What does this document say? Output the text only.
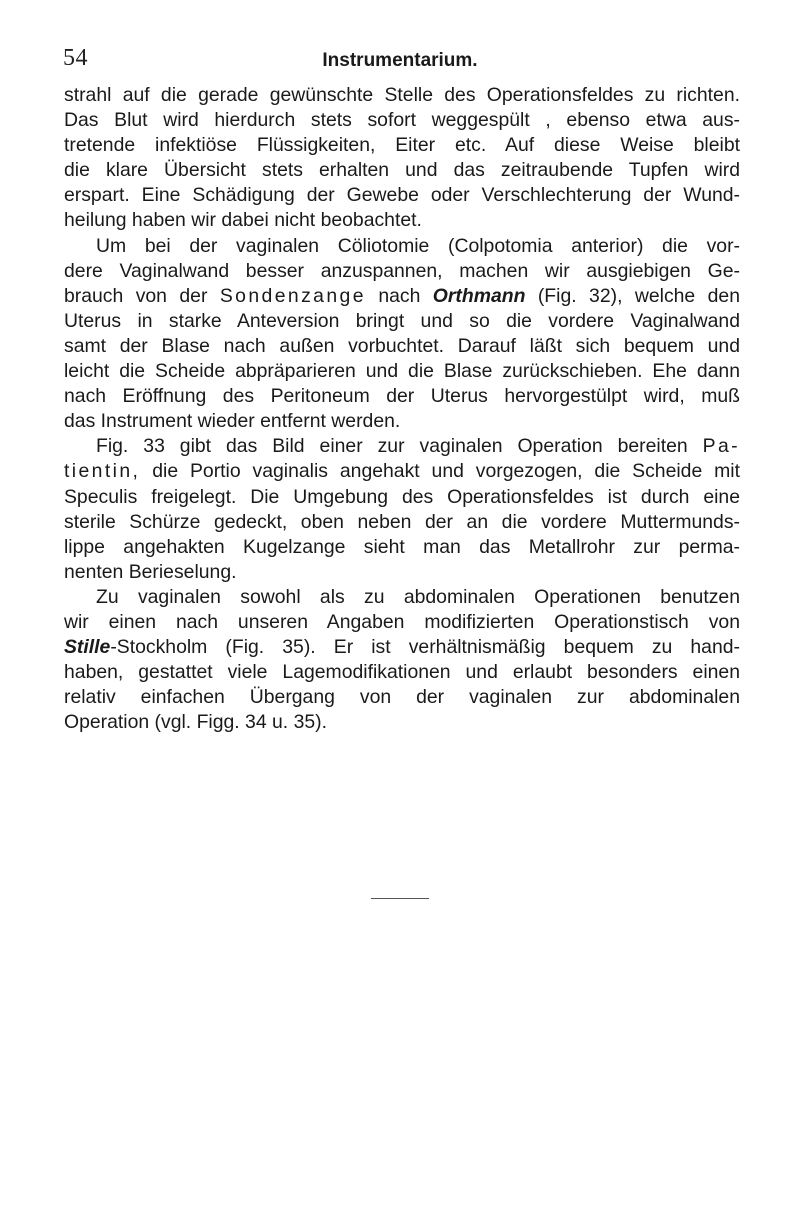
54	Instrumentarium.
strahl auf die gerade gewünschte Stelle des Operationsfeldes zu richten.
Das Blut wird hierdurch stets sofort weggespült , ebenso etwa aus-
tretende infektiöse Flüssigkeiten, Eiter etc. Auf diese Weise bleibt
die klare Übersicht stets erhalten und das zeitraubende Tupfen wird
erspart. Eine Schädigung der Gewebe oder Verschlechterung der Wund-
heilung haben wir dabei nicht beobachtet.
Um bei der vaginalen Cöliotomie (Colpotomia anterior) die vor-
dere Vaginalwand besser anzuspannen, machen wir ausgiebigen Ge-
brauch von der Sondenzange nach Orthmann (Fig. 32), welche den
Uterus in starke Anteversion bringt und so die vordere Vaginalwand
samt der Blase nach außen vorbuchtet. Darauf läßt sich bequem und
leicht die Scheide abpräparieren und die Blase zurückschieben. Ehe dann
nach Eröffnung des Peritoneum der Uterus hervorgestülpt wird, muß
das Instrument wieder entfernt werden.
Fig. 33 gibt das Bild einer zur vaginalen Operation bereiten Pa-
tientin, die Portio vaginalis angehakt und vorgezogen, die Scheide mit
Speculis freigelegt. Die Umgebung des Operationsfeldes ist durch eine
sterile Schürze gedeckt, oben neben der an die vordere Muttermunds-
lippe angehakten Kugelzange sieht man das Metallrohr zur perma-
nenten Berieselung.
Zu vaginalen sowohl als zu abdominalen Operationen benutzen
wir einen nach unseren Angaben modifizierten Operationstisch von
Stille-Stockholm (Fig. 35). Er ist verhältnismäßig bequem zu hand-
haben, gestattet viele Lagemodifikationen und erlaubt besonders einen
relativ einfachen Übergang von der vaginalen zur abdominalen
Operation (vgl. Figg. 34 u. 35).
